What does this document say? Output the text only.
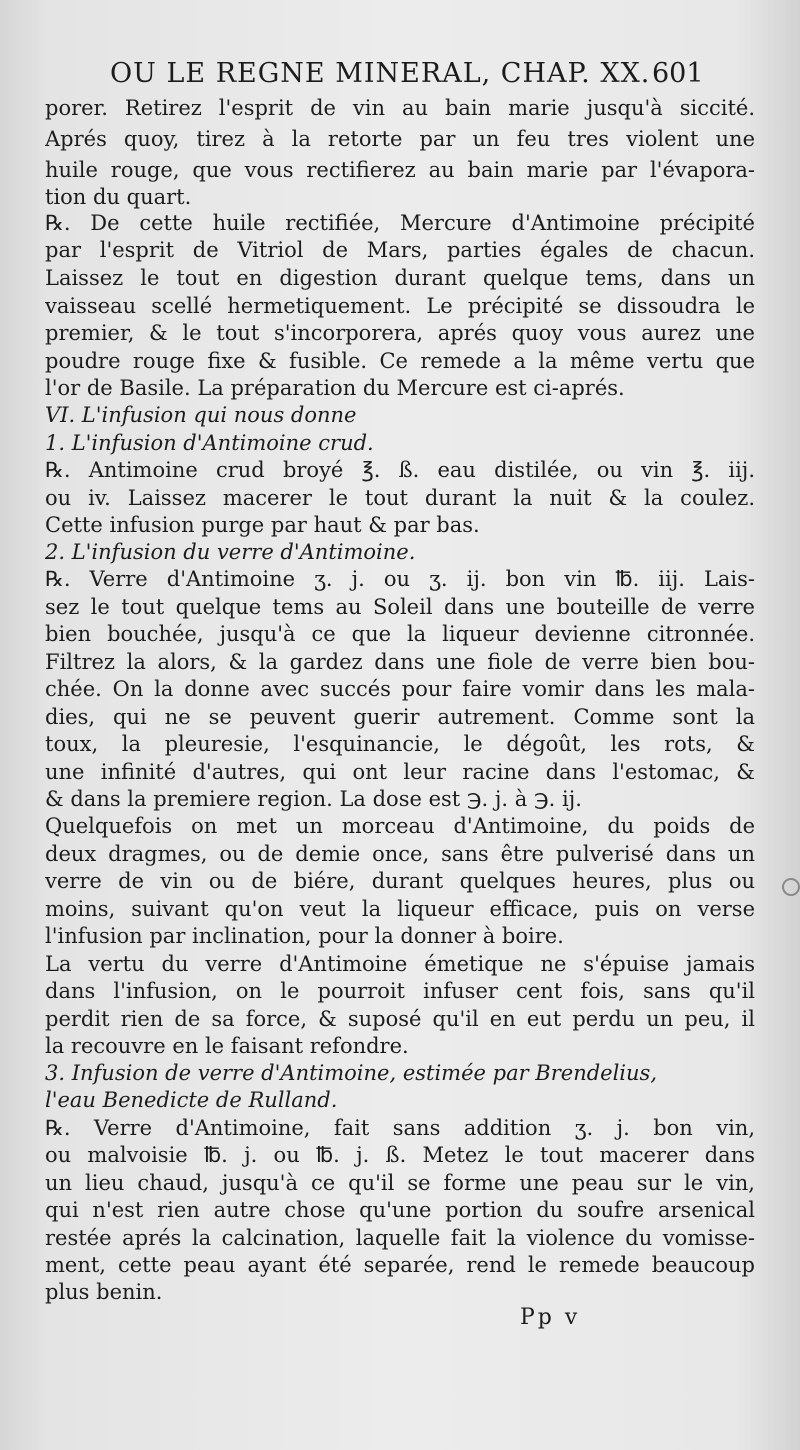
OU LE REGNE MINERAL, CHAP. XX. 601
porer. Retirez l'esprit de vin au bain marie jusqu'à siccité.
Aprés quoy, tirez à la retorte par un feu tres violent une
huile rouge, que vous rectifierez au bain marie par l'évapora-
tion du quart.
℞. De cette huile rectifiée, Mercure d'Antimoine précipité
par l'esprit de Vitriol de Mars, parties égales de chacun.
Laissez le tout en digestion durant quelque tems, dans un
vaisseau scellé hermetiquement. Le précipité se dissoudra le
premier, & le tout s'incorporera, aprés quoy vous aurez une
poudre rouge fixe & fusible. Ce remede a la même vertu que
l'or de Basile. La préparation du Mercure est ci-aprés.
VI. L'infusion qui nous donne
1. L'infusion d'Antimoine crud.
℞. Antimoine crud broyé ℥. ß. eau distilée, ou vin ℥. iij.
ou iv. Laissez macerer le tout durant la nuit & la coulez.
Cette infusion purge par haut & par bas.
2. L'infusion du verre d'Antimoine.
℞. Verre d'Antimoine ʒ. j. ou ʒ. ij. bon vin ℔. iij. Lais-
sez le tout quelque tems au Soleil dans une bouteille de verre
bien bouchée, jusqu'à ce que la liqueur devienne citronnée.
Filtrez la alors, & la gardez dans une fiole de verre bien bou-
chée. On la donne avec succés pour faire vomir dans les mala-
dies, qui ne se peuvent guerir autrement. Comme sont la
toux, la pleuresie, l'esquinancie, le dégoût, les rots, &
une infinité d'autres, qui ont leur racine dans l'estomac, &
& dans la premiere region. La dose est ℈. j. à ℈. ij.
Quelquefois on met un morceau d'Antimoine, du poids de
deux dragmes, ou de demie once, sans être pulverisé dans un
verre de vin ou de biére, durant quelques heures, plus ou
moins, suivant qu'on veut la liqueur efficace, puis on verse
l'infusion par inclination, pour la donner à boire.
La vertu du verre d'Antimoine émetique ne s'épuise jamais
dans l'infusion, on le pourroit infuser cent fois, sans qu'il
perdit rien de sa force, & suposé qu'il en eut perdu un peu, il
la recouvre en le faisant refondre.
3. Infusion de verre d'Antimoine, estimée par Brendelius,
l'eau Benedicte de Rulland.
℞. Verre d'Antimoine, fait sans addition ʒ. j. bon vin,
ou malvoisie ℔. j. ou ℔. j. ß. Metez le tout macerer dans
un lieu chaud, jusqu'à ce qu'il se forme une peau sur le vin,
qui n'est rien autre chose qu'une portion du soufre arsenical
restée aprés la calcination, laquelle fait la violence du vomisse-
ment, cette peau ayant été separée, rend le remede beaucoup
plus benin.
Pp v
